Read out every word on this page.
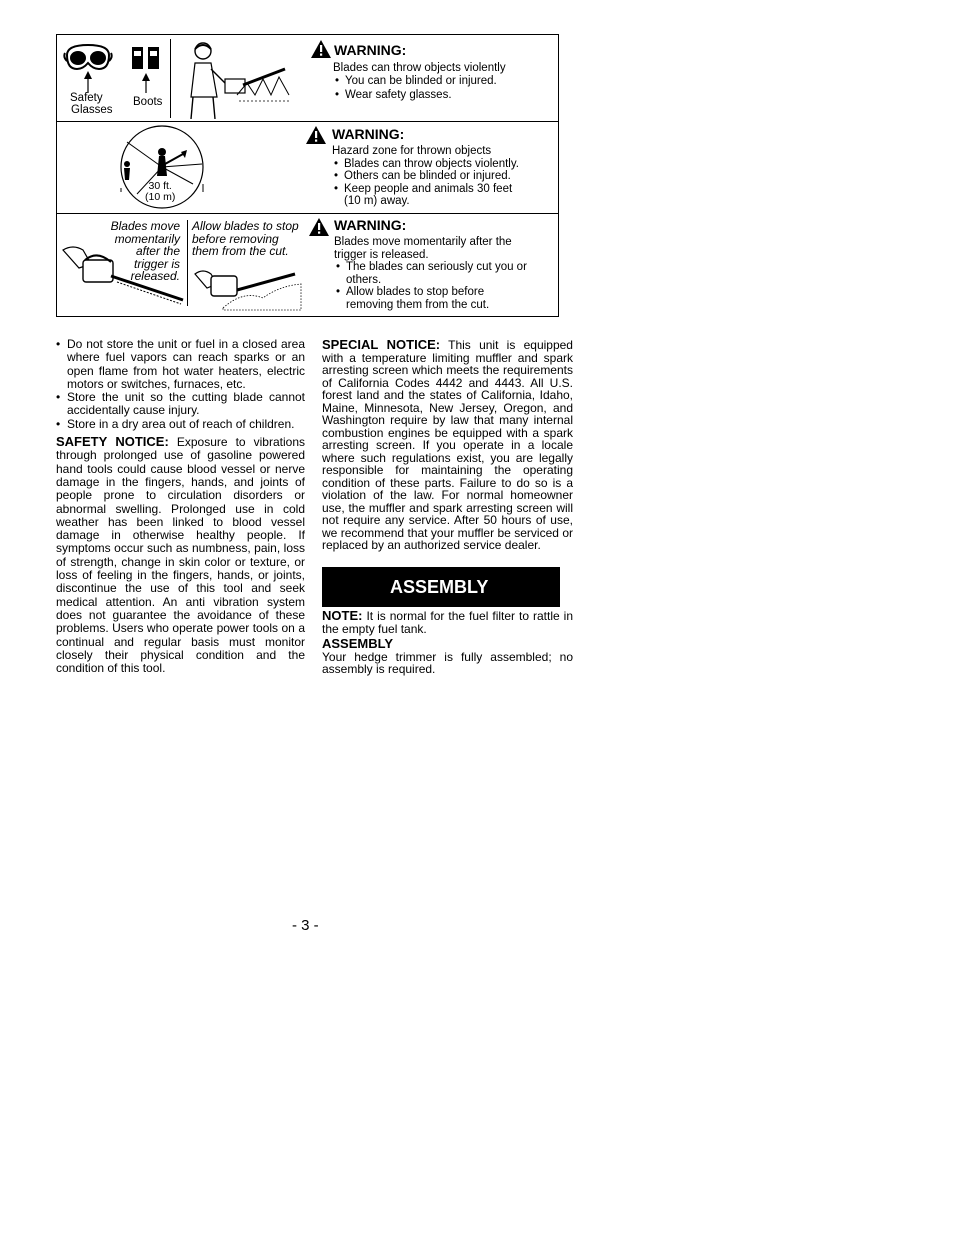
Safety
Glasses
Boots
WARNING:
Blades can throw objects violently
• You can be blinded or injured.
• Wear safety glasses.
30 ft.
(10 m)
WARNING:
Hazard zone for thrown objects
• Blades can throw objects violently.
• Others can be blinded or injured.
• Keep people and animals 30 feet
(10 m) away.
Blades move
momentarily
after the
trigger is
released.
Allow blades to stop
before removing
them from the cut.
WARNING:
Blades move momentarily after the
trigger is released.
• The blades can seriously cut you or
others.
• Allow blades to stop before
removing them from the cut.
• Do not store the unit or fuel in a closed area where fuel vapors can reach sparks or an open flame from hot water heaters, electric motors or switches, furnaces, etc.
• Store the unit so the cutting blade cannot accidentally cause injury.
• Store in a dry area out of reach of children.
SAFETY NOTICE: Exposure to vibrations through prolonged use of gasoline powered hand tools could cause blood vessel or nerve damage in the fingers, hands, and joints of people prone to circulation disorders or abnormal swelling. Prolonged use in cold weather has been linked to blood vessel damage in otherwise healthy people. If symptoms occur such as numbness, pain, loss of strength, change in skin color or texture, or loss of feeling in the fingers, hands, or joints, discontinue the use of this tool and seek medical attention. An anti vibration system does not guarantee the avoidance of these problems. Users who operate power tools on a continual and regular basis must monitor closely their physical condition and the condition of this tool.
SPECIAL NOTICE: This unit is equipped with a temperature limiting muffler and spark arresting screen which meets the requirements of California Codes 4442 and 4443. All U.S. forest land and the states of California, Idaho, Maine, Minnesota, New Jersey, Oregon, and Washington require by law that many internal combustion engines be equipped with a spark arresting screen. If you operate in a locale where such regulations exist, you are legally responsible for maintaining the operating condition of these parts. Failure to do so is a violation of the law. For normal homeowner use, the muffler and spark arresting screen will not require any service. After 50 hours of use, we recommend that your muffler be serviced or replaced by an authorized service dealer.
ASSEMBLY
NOTE: It is normal for the fuel filter to rattle in the empty fuel tank.
ASSEMBLY
Your hedge trimmer is fully assembled; no assembly is required.
- 3 -
